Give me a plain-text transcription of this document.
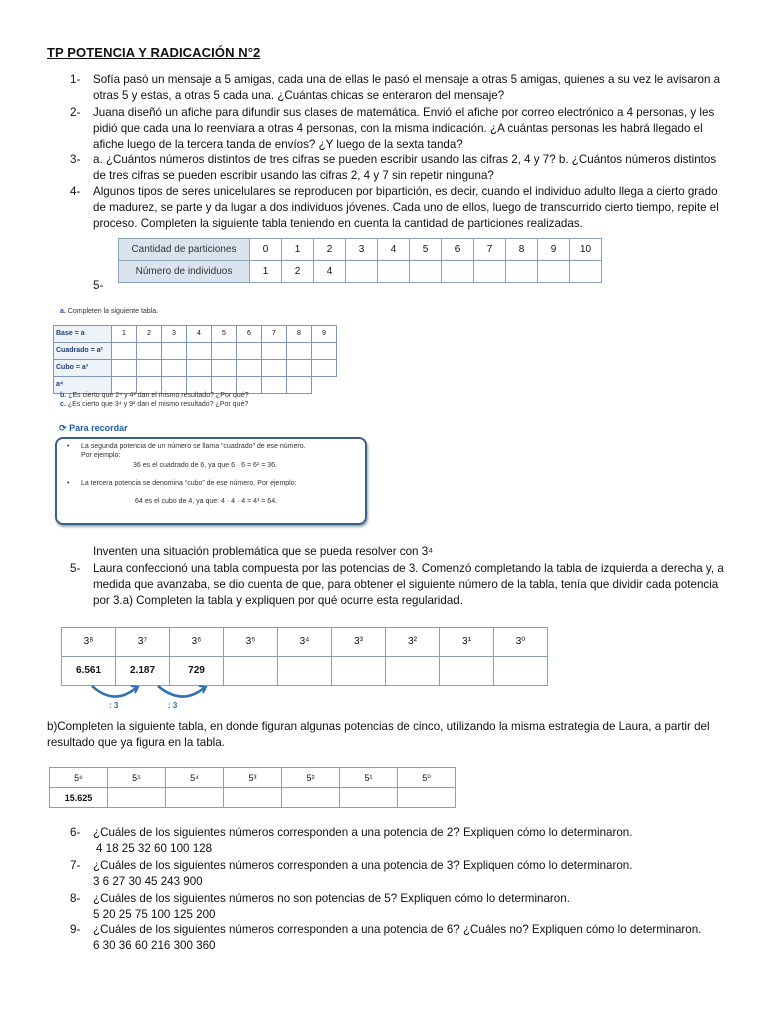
TP POTENCIA Y RADICACIÓN N°2
1-	Sofía pasó un mensaje a 5 amigas, cada una de ellas le pasó el mensaje a otras 5 amigas, quienes a su vez le avisaron a otras 5 y estas, a otras 5 cada una. ¿Cuántas chicas se enteraron del mensaje?
2-	Juana diseñó un afiche para difundir sus clases de matemática. Envió el afiche por correo electrónico a 4 personas, y les pidió que cada una lo reenviara a otras 4 personas, con la misma indicación. ¿A cuántas personas les habrá llegado el afiche luego de la tercera tanda de envíos? ¿Y luego de la sexta tanda?
3-	a. ¿Cuántos números distintos de tres cifras se pueden escribir usando las cifras 2, 4 y 7? b. ¿Cuántos números distintos de tres cifras se pueden escribir usando las cifras 2, 4 y 7 sin repetir ninguna?
4-	Algunos tipos de seres unicelulares se reproducen por bipartición, es decir, cuando el individuo adulto llega a cierto grado de madurez, se parte y da lugar a dos individuos jóvenes. Cada uno de ellos, luego de transcurrido cierto tiempo, repite el proceso. Completen la siguiente tabla teniendo en cuenta la cantidad de particiones realizadas.
Cantidad de particiones	0	1	2	3	4	5	6	7	8	9	10
Número de individuos	1	2	4								
5-
a. Completen la siguiente tabla.
Base = a	1	2	3	4	5	6	7	8	9
Cuadrado = a²									
Cubo = a³									
a⁴									
b. ¿Es cierto que 2⁴ y 4² dan el mismo resultado? ¿Por qué?
c. ¿Es cierto que 3⁴ y 9² dan el mismo resultado? ¿Por qué?
⟳ Para recordar
• La segunda potencia de un número se llama “cuadrado” de ese número.
Por ejemplo:
36 es el cuadrado de 6, ya que 6 · 6 = 6² = 36.
• La tercera potencia se denomina “cubo” de ese número. Por ejemplo:
64 es el cubo de 4, ya que: 4 · 4 · 4 = 4³ = 64.
Inventen una situación problemática que se pueda resolver con 3⁴
5-	Laura confeccionó una tabla compuesta por las potencias de 3. Comenzó completando la tabla de izquierda a derecha y, a medida que avanzaba, se dio cuenta de que, para obtener el siguiente número de la tabla, tenía que dividir cada potencia por 3.a) Completen la tabla y expliquen por qué ocurre esta regularidad.
3⁸	3⁷	3⁶	3⁵	3⁴	3³	3²	3¹	3⁰
6.561	2.187	729						
: 3	: 3
b)Completen la siguiente tabla, en donde figuran algunas potencias de cinco, utilizando la misma estrategia de Laura, a partir del resultado que ya figura en la tabla.
5⁶	5⁵	5⁴	5³	5²	5¹	5⁰
15.625						
6-	¿Cuáles de los siguientes números corresponden a una potencia de 2? Expliquen cómo lo determinaron.
4 18 25 32 60 100 128
7-	¿Cuáles de los siguientes números corresponden a una potencia de 3? Expliquen cómo lo determinaron.
3 6 27 30 45 243 900
8-	¿Cuáles de los siguientes números no son potencias de 5? Expliquen cómo lo determinaron.
5 20 25 75 100 125 200
9-	¿Cuáles de los siguientes números corresponden a una potencia de 6? ¿Cuáles no? Expliquen cómo lo determinaron.
6 30 36 60 216 300 360
